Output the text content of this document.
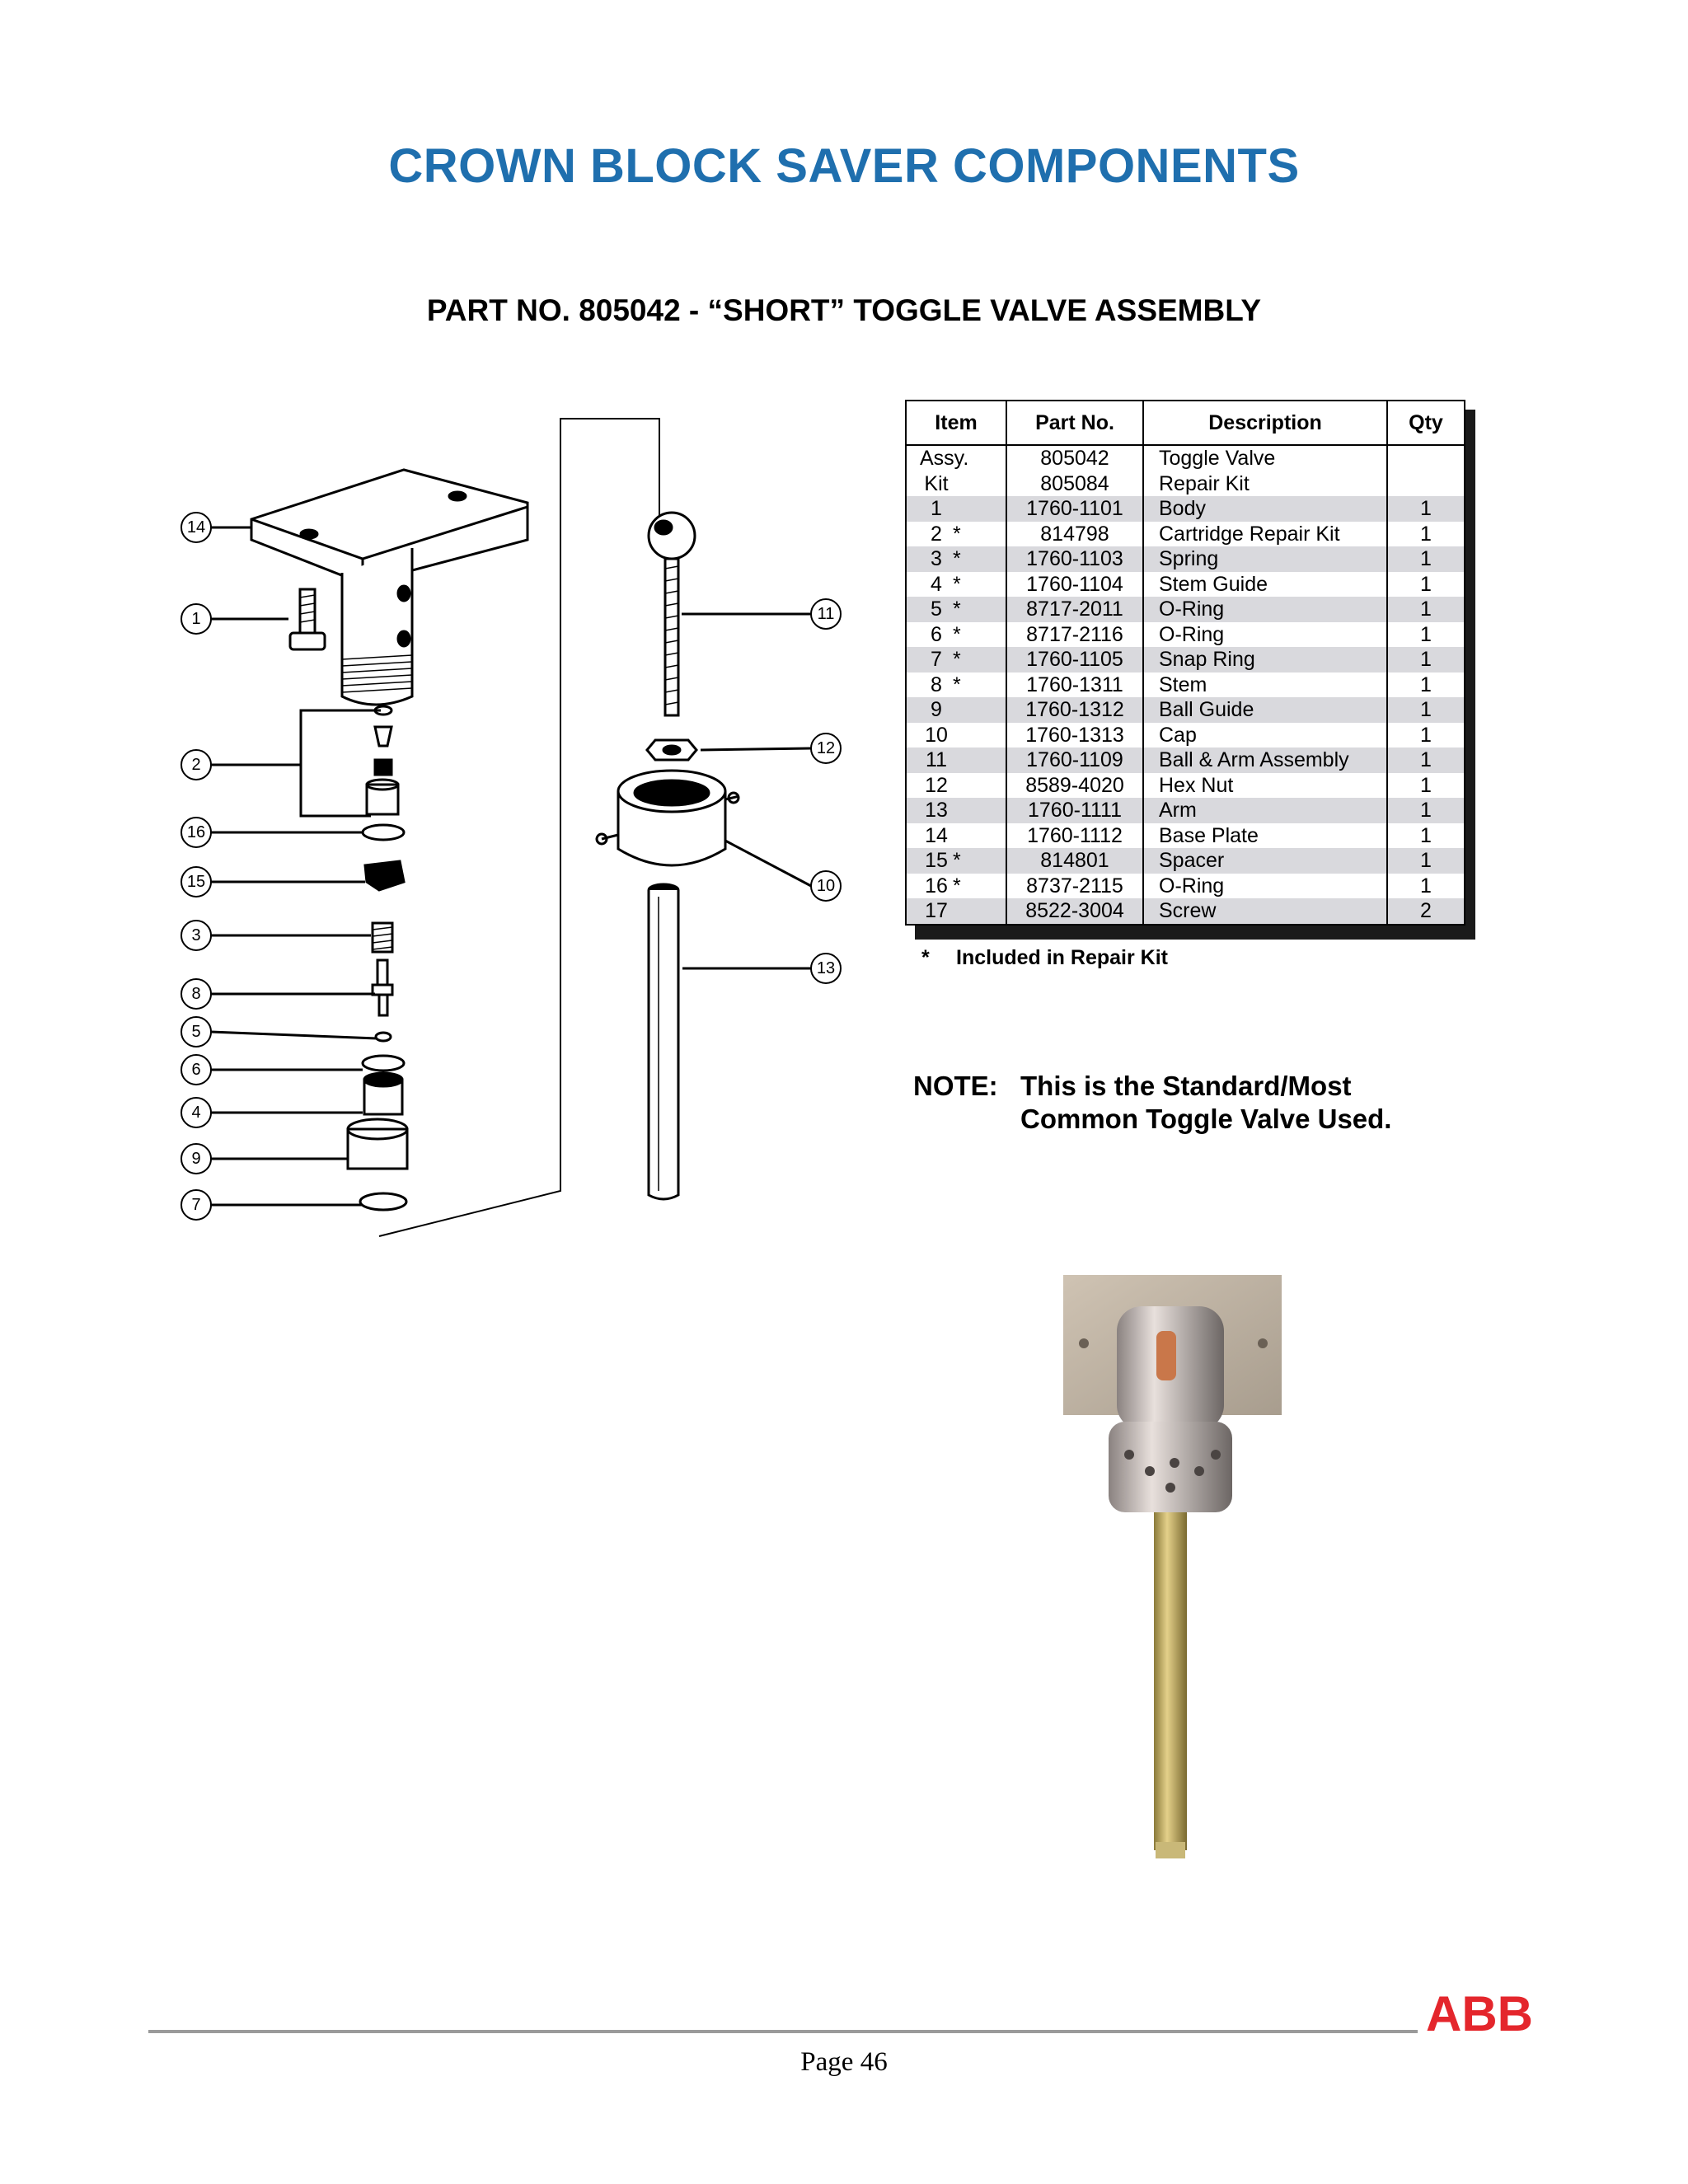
CROWN BLOCK SAVER COMPONENTS
PART NO. 805042 - “SHORT” TOGGLE VALVE ASSEMBLY
14
1
2
16
15
3
8
5
6
4
9
7
11
12
10
13
Item	Part No.	Description	Qty
Assy.	805042	Toggle Valve	
Kit	805084	Repair Kit	
1	1760-1101	Body	1
2 *	814798	Cartridge Repair Kit	1
3 *	1760-1103	Spring	1
4 *	1760-1104	Stem Guide	1
5 *	8717-2011	O-Ring	1
6 *	8717-2116	O-Ring	1
7 *	1760-1105	Snap Ring	1
8 *	1760-1311	Stem	1
9	1760-1312	Ball Guide	1
10	1760-1313	Cap	1
11	1760-1109	Ball & Arm Assembly	1
12	8589-4020	Hex Nut	1
13	1760-1111	Arm	1
14	1760-1112	Base Plate	1
15 *	814801	Spacer	1
16 *	8737-2115	O-Ring	1
17	8522-3004	Screw	2
* Included in Repair Kit
NOTE: This is the Standard/Most
Common Toggle Valve Used.
ABB
Page 46
